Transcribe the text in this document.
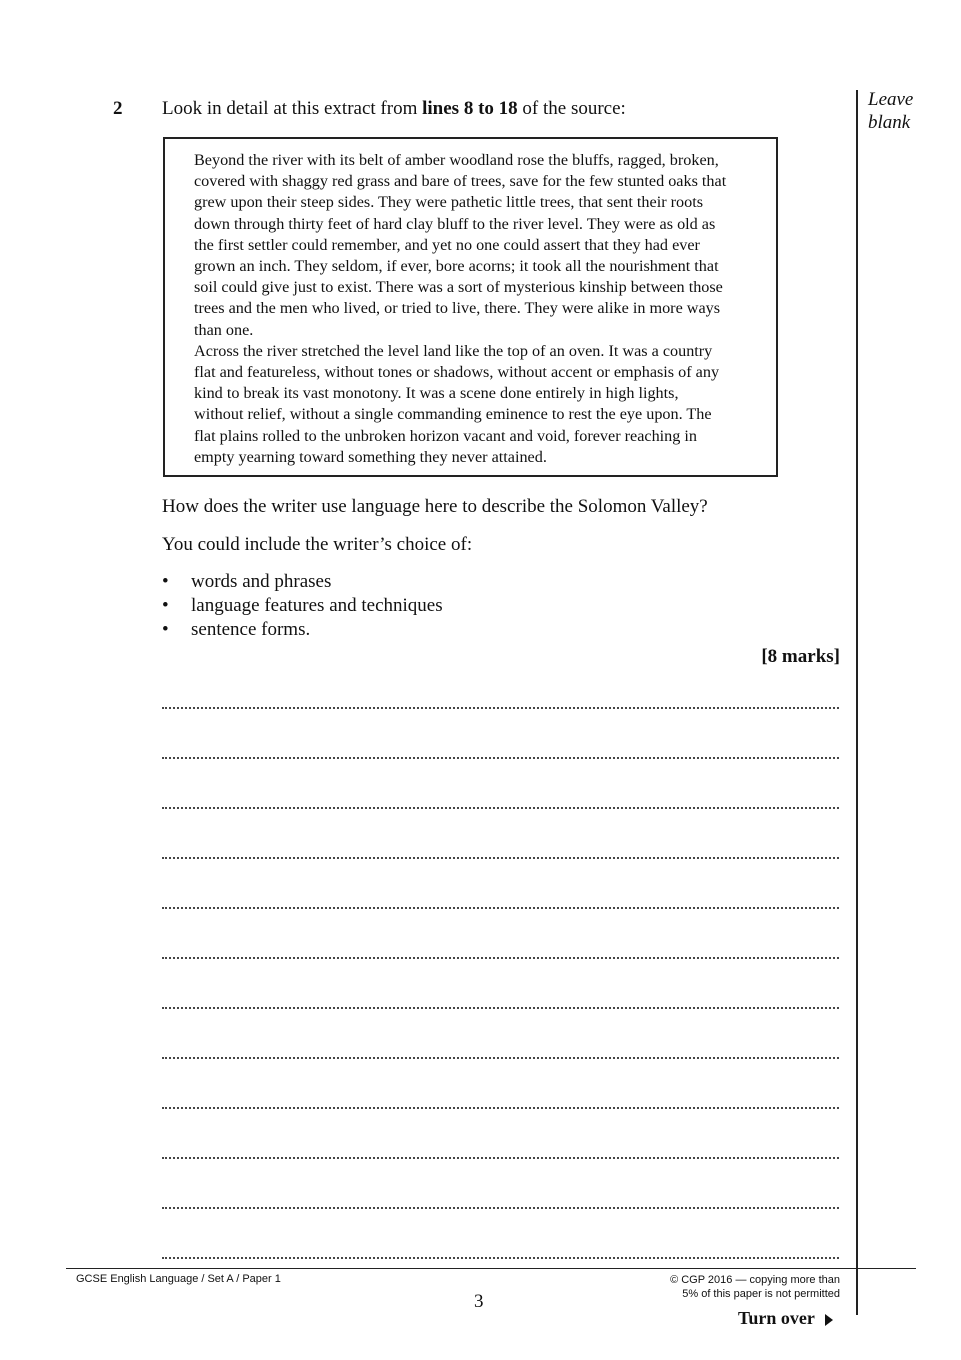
2 Look in detail at this extract from lines 8 to 18 of the source:	Leave
blank

Beyond the river with its belt of amber woodland rose the bluffs, ragged, broken,
covered with shaggy red grass and bare of trees, save for the few stunted oaks that
grew upon their steep sides. They were pathetic little trees, that sent their roots
down through thirty feet of hard clay bluff to the river level. They were as old as
the first settler could remember, and yet no one could assert that they had ever
grown an inch. They seldom, if ever, bore acorns; it took all the nourishment that
soil could give just to exist. There was a sort of mysterious kinship between those
trees and the men who lived, or tried to live, there. They were alike in more ways
than one.

Across the river stretched the level land like the top of an oven. It was a country
flat and featureless, without tones or shadows, without accent or emphasis of any
kind to break its vast monotony. It was a scene done entirely in high lights,
without relief, without a single commanding eminence to rest the eye upon. The
flat plains rolled to the unbroken horizon vacant and void, forever reaching in
empty yearning toward something they never attained.

How does the writer use language here to describe the Solomon Valley?
You could include the writer’s choice of:
• words and phrases
• language features and techniques
• sentence forms.
[8 marks]
GCSE English Language / Set A / Paper 1	© CGP 2016 — copying more than
5% of this paper is not permitted
3
Turn over
